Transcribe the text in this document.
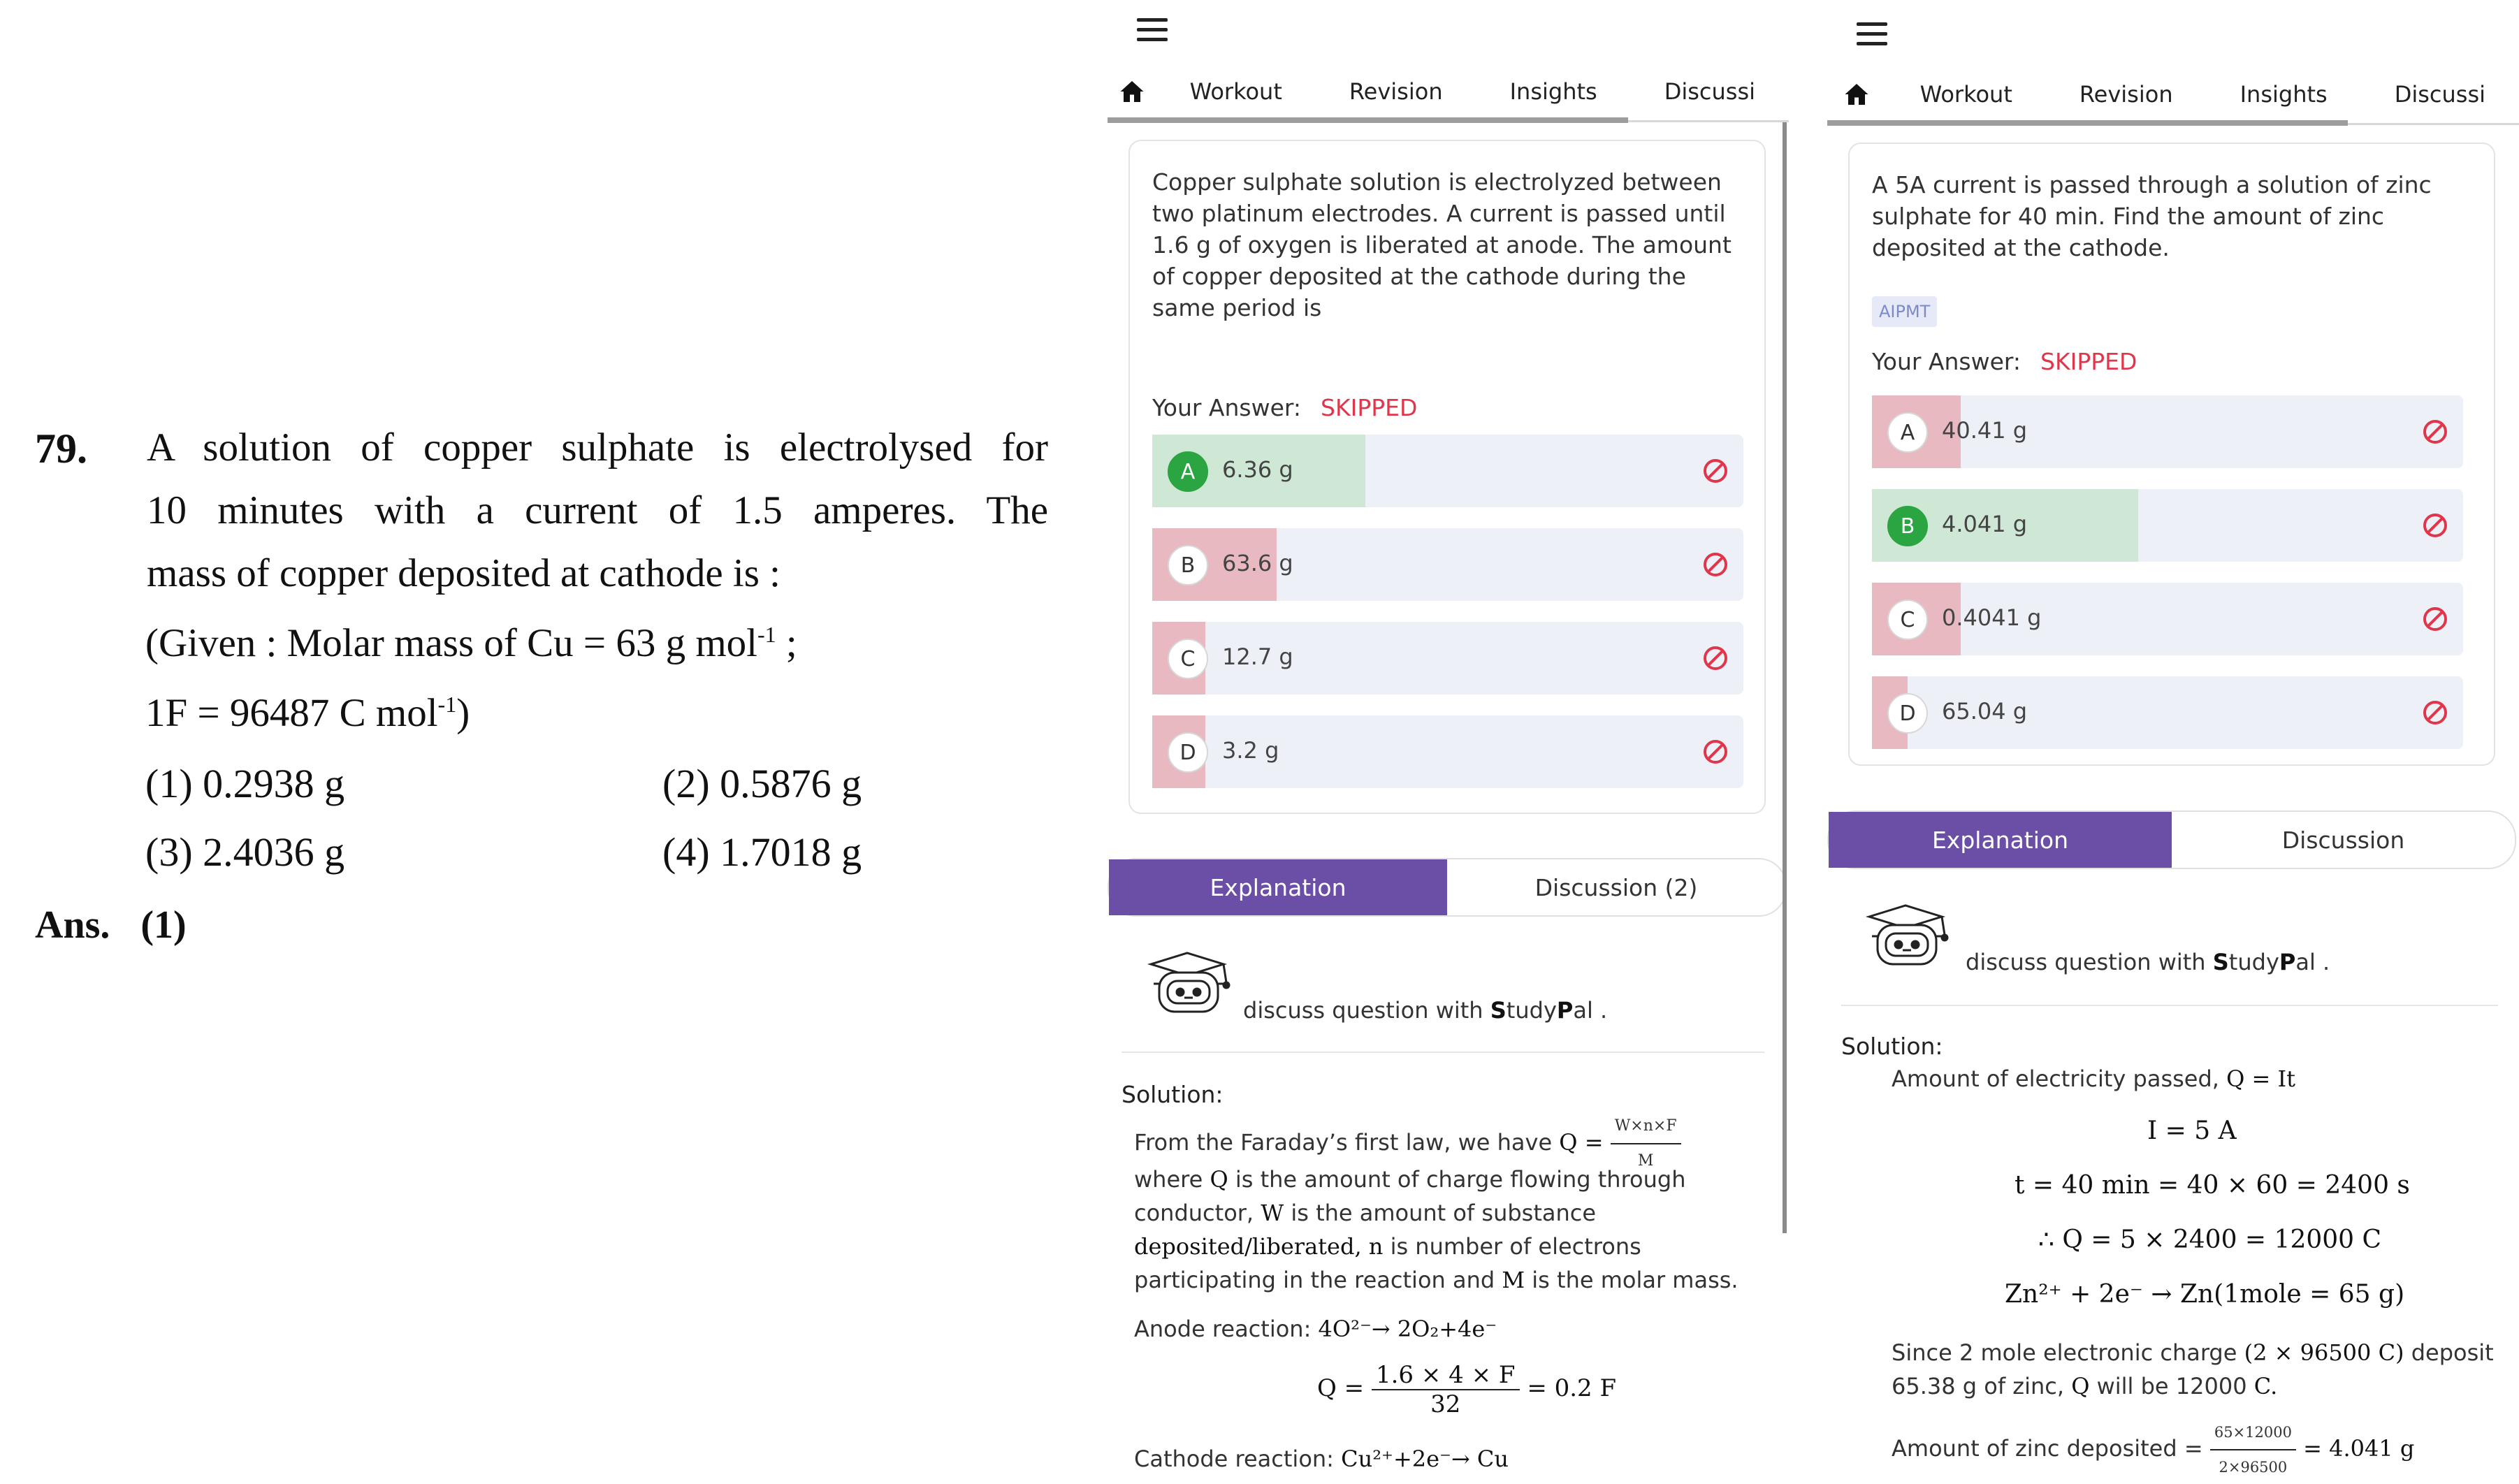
79. A solution of copper sulphate is electrolysed for
10 minutes with a current of 1.5 amperes. The
mass of copper deposited at cathode is :
(Given : Molar mass of Cu = 63 g mol$^{-1}$ ;
1F = 96487 C mol$^{-1}$)
(1) 0.2938 g	(2) 0.5876 g
(3) 2.4036 g	(4) 1.7018 g
Ans. (1)
Workout	Revision	Insights	Discussi
Copper sulphate solution is electrolyzed between two platinum electrodes. A current is passed until 1.6 g of oxygen is liberated at anode. The amount of copper deposited at the cathode during the same period is
Your Answer: SKIPPED
A	6.36 g
B	63.6 g
C	12.7 g
D	3.2 g
Explanation	Discussion (2)
discuss question with
S tudy P al .
Solution:
From the Faraday’s first law, we have $Q = \frac{W\times n\times F}{M}$
where Q is the amount of charge flowing through conductor, W is the amount of substance deposited/liberated, n is number of electrons participating in the reaction and M is the molar mass.
Anode reaction: 4O²⁻→ 2O₂+4e⁻
$Q = \frac{1.6 \times 4 \times F}{32} = 0.2$ F
Cathode reaction: Cu²⁺+2e⁻→ Cu
Workout	Revision	Insights	Discussi
A 5A current is passed through a solution of zinc sulphate for 40 min. Find the amount of zinc deposited at the cathode.
AIPMT
Your Answer: SKIPPED
A	40.41 g
B	4.041 g
C	0.4041 g
D	65.04 g
Explanation	Discussion
discuss question with
S tudy P al .
Solution:
Amount of electricity passed, Q = It
I = 5 A
t = 40 min = 40 × 60 = 2400 s
∴ Q = 5 × 2400 = 12000 C
Zn²⁺ + 2e⁻ → Zn(1mole = 65 g)
Since 2 mole electronic charge (2 × 96500 C) deposit 65.38 g of zinc, Q will be 12000 C.
Amount of zinc deposited = $\frac{65\times 12000}{2\times 96500} = 4.041$ g
